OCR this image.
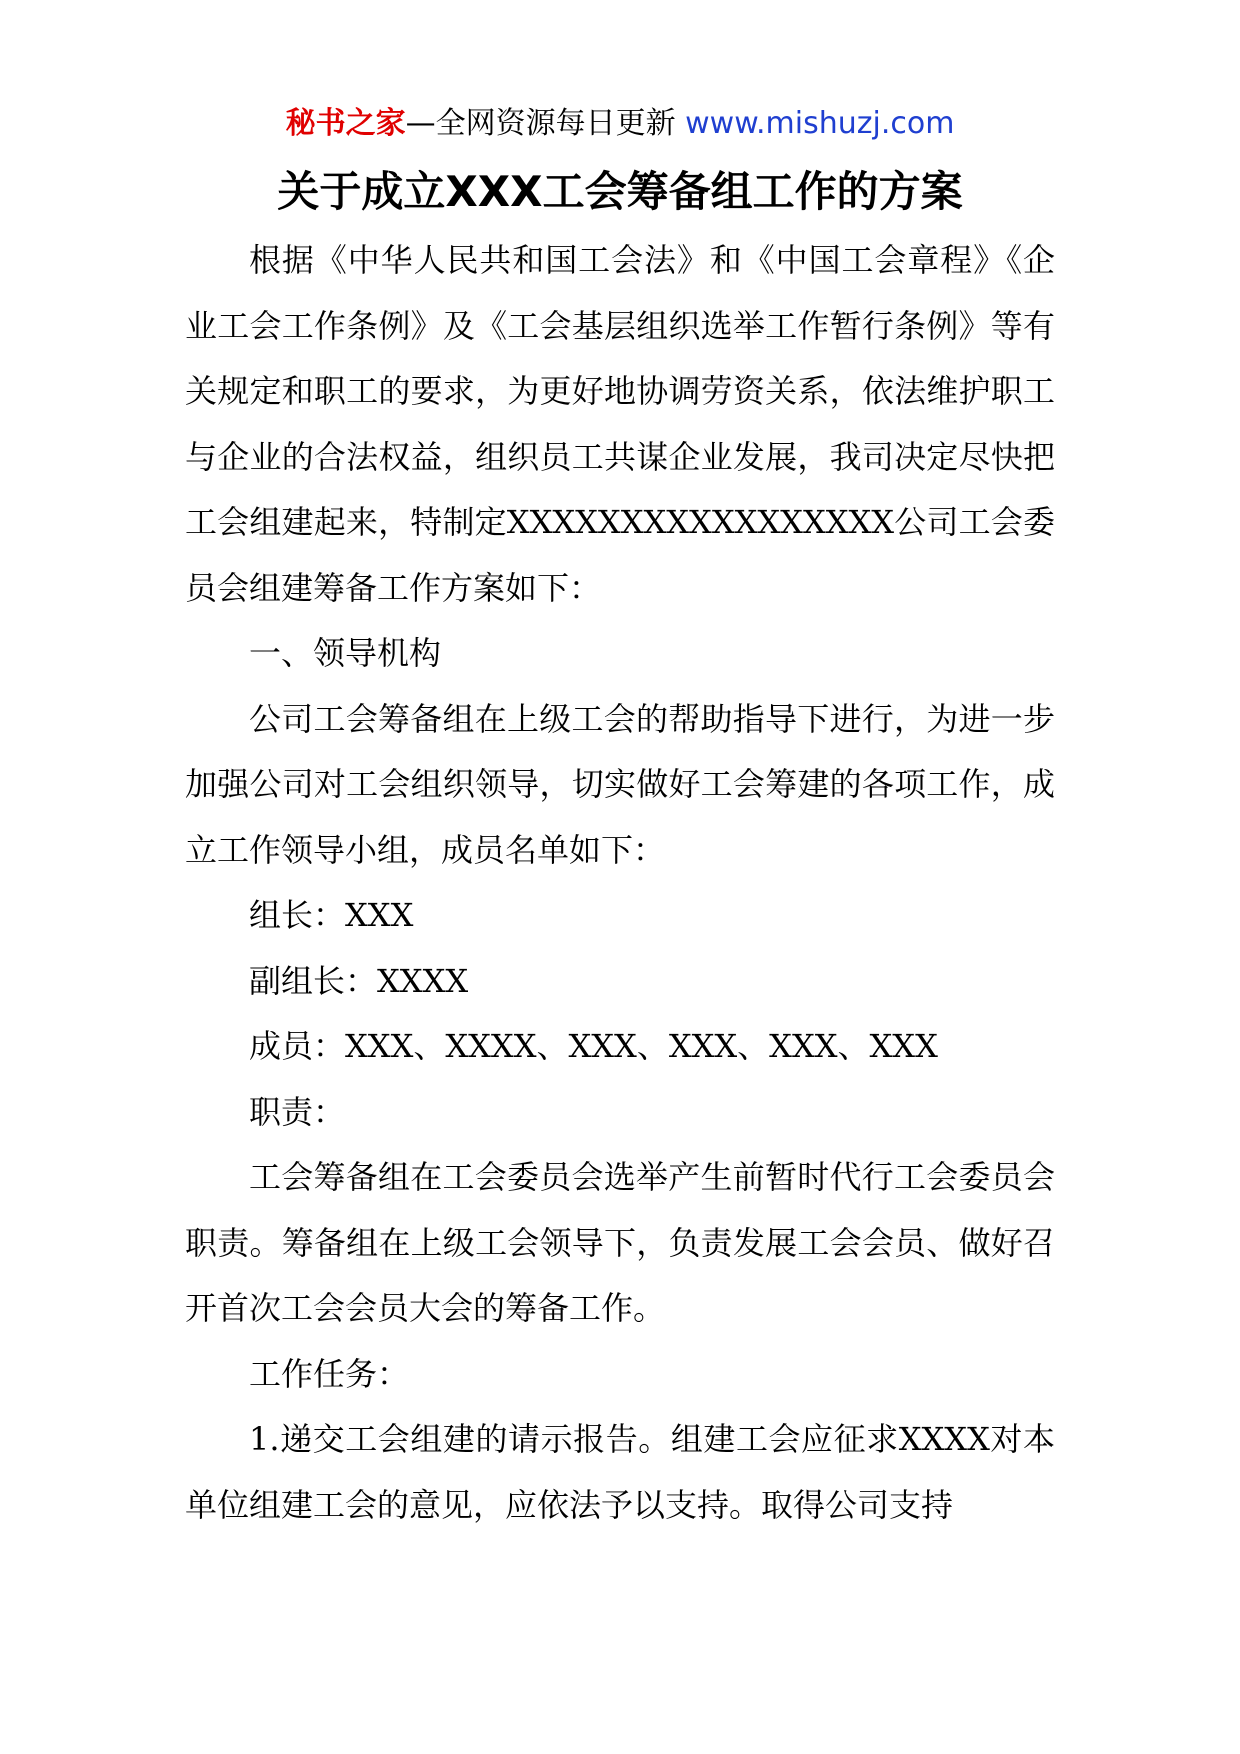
秘书之家—全网资源每日更新 www.mishuzj.com
关于成立XXX工会筹备组工作的方案

根据《中华人民共和国工会法》和《中国工会章程》《企业工会工作条例》及《工会基层组织选举工作暂行条例》等有关规定和职工的要求，为更好地协调劳资关系，依法维护职工与企业的合法权益，组织员工共谋企业发展，我司决定尽快把工会组建起来，特制定XXXXXXXXXXXXXXXXX公司工会委员会组建筹备工作方案如下：

一、领导机构

公司工会筹备组在上级工会的帮助指导下进行，为进一步加强公司对工会组织领导，切实做好工会筹建的各项工作，成立工作领导小组，成员名单如下：

组长：XXX

副组长：XXXX

成员：XXX、XXXX、XXX、XXX、XXX、XXX

职责：

工会筹备组在工会委员会选举产生前暂时代行工会委员会职责。筹备组在上级工会领导下，负责发展工会会员、做好召开首次工会会员大会的筹备工作。

工作任务：

1.递交工会组建的请示报告。组建工会应征求XXXX对本单位组建工会的意见，应依法予以支持。取得公司支持
